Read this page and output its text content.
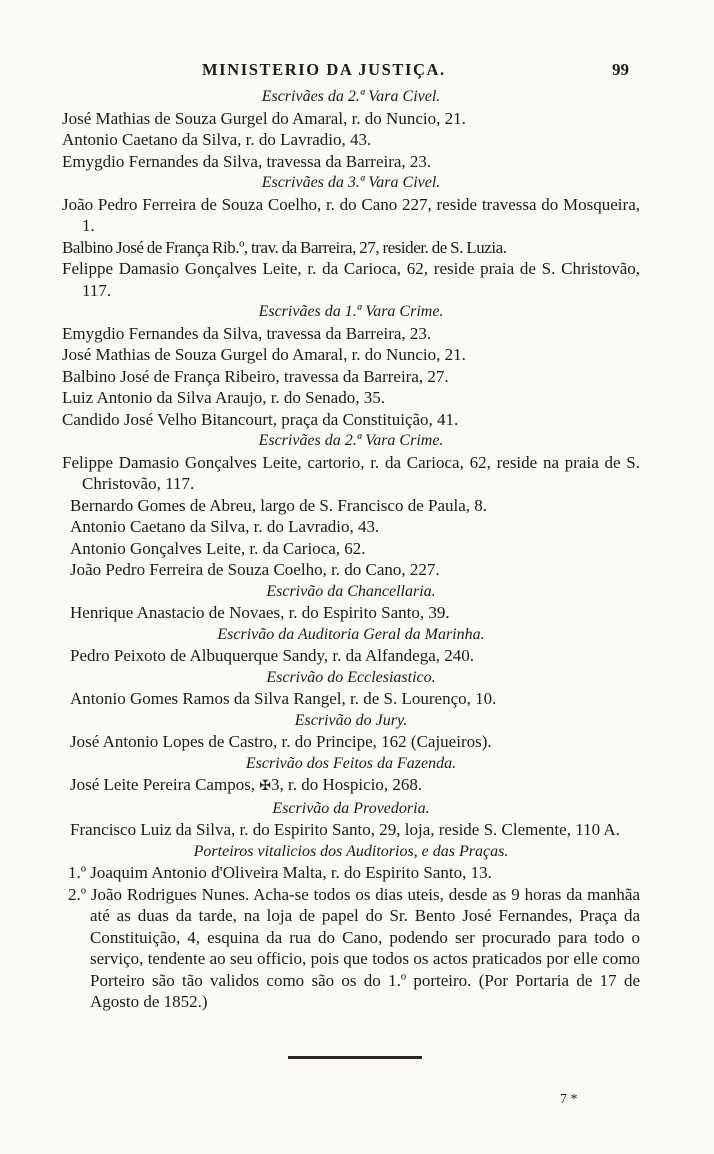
MINISTERIO DA JUSTIÇA.	99
Escrivães da 2.ª Vara Civel.

José Mathias de Souza Gurgel do Amaral, r. do Nuncio, 21.

Antonio Caetano da Silva, r. do Lavradio, 43.

Emygdio Fernandes da Silva, travessa da Barreira, 23.

Escrivães da 3.ª Vara Civel.

João Pedro Ferreira de Souza Coelho, r. do Cano 227, reside travessa do Mosqueira, 1.

Balbino José de França Rib.º, trav. da Barreira, 27, resider. de S. Luzia.

Felippe Damasio Gonçalves Leite, r. da Carioca, 62, reside praia de S. Christovão, 117.

Escrivães da 1.ª Vara Crime.

Emygdio Fernandes da Silva, travessa da Barreira, 23.

José Mathias de Souza Gurgel do Amaral, r. do Nuncio, 21.

Balbino José de França Ribeiro, travessa da Barreira, 27.

Luiz Antonio da Silva Araujo, r. do Senado, 35.

Candido José Velho Bitancourt, praça da Constituição, 41.

Escrivães da 2.ª Vara Crime.

Felippe Damasio Gonçalves Leite, cartorio, r. da Carioca, 62, reside na praia de S. Christovão, 117.

Bernardo Gomes de Abreu, largo de S. Francisco de Paula, 8.

Antonio Caetano da Silva, r. do Lavradio, 43.

Antonio Gonçalves Leite, r. da Carioca, 62.

João Pedro Ferreira de Souza Coelho, r. do Cano, 227.

Escrivão da Chancellaria.

Henrique Anastacio de Novaes, r. do Espirito Santo, 39.

Escrivão da Auditoria Geral da Marinha.

Pedro Peixoto de Albuquerque Sandy, r. da Alfandega, 240.

Escrivão do Ecclesiastico.

Antonio Gomes Ramos da Silva Rangel, r. de S. Lourenço, 10.

Escrivão do Jury.

José Antonio Lopes de Castro, r. do Principe, 162 (Cajueiros).

Escrivão dos Feitos da Fazenda.

José Leite Pereira Campos, ✠3, r. do Hospicio, 268.

Escrivão da Provedoria.

Francisco Luiz da Silva, r. do Espirito Santo, 29, loja, reside S. Clemente, 110 A.

Porteiros vitalicios dos Auditorios, e das Praças.

1.º Joaquim Antonio d'Oliveira Malta, r. do Espirito Santo, 13.

2.º João Rodrigues Nunes. Acha-se todos os dias uteis, desde as 9 horas da manhãa até as duas da tarde, na loja de papel do Sr. Bento José Fernandes, Praça da Constituição, 4, esquina da rua do Cano, podendo ser procurado para todo o serviço, tendente ao seu officio, pois que todos os actos praticados por elle como Porteiro são tão validos como são os do 1.º porteiro. (Por Portaria de 17 de Agosto de 1852.)

7 *
